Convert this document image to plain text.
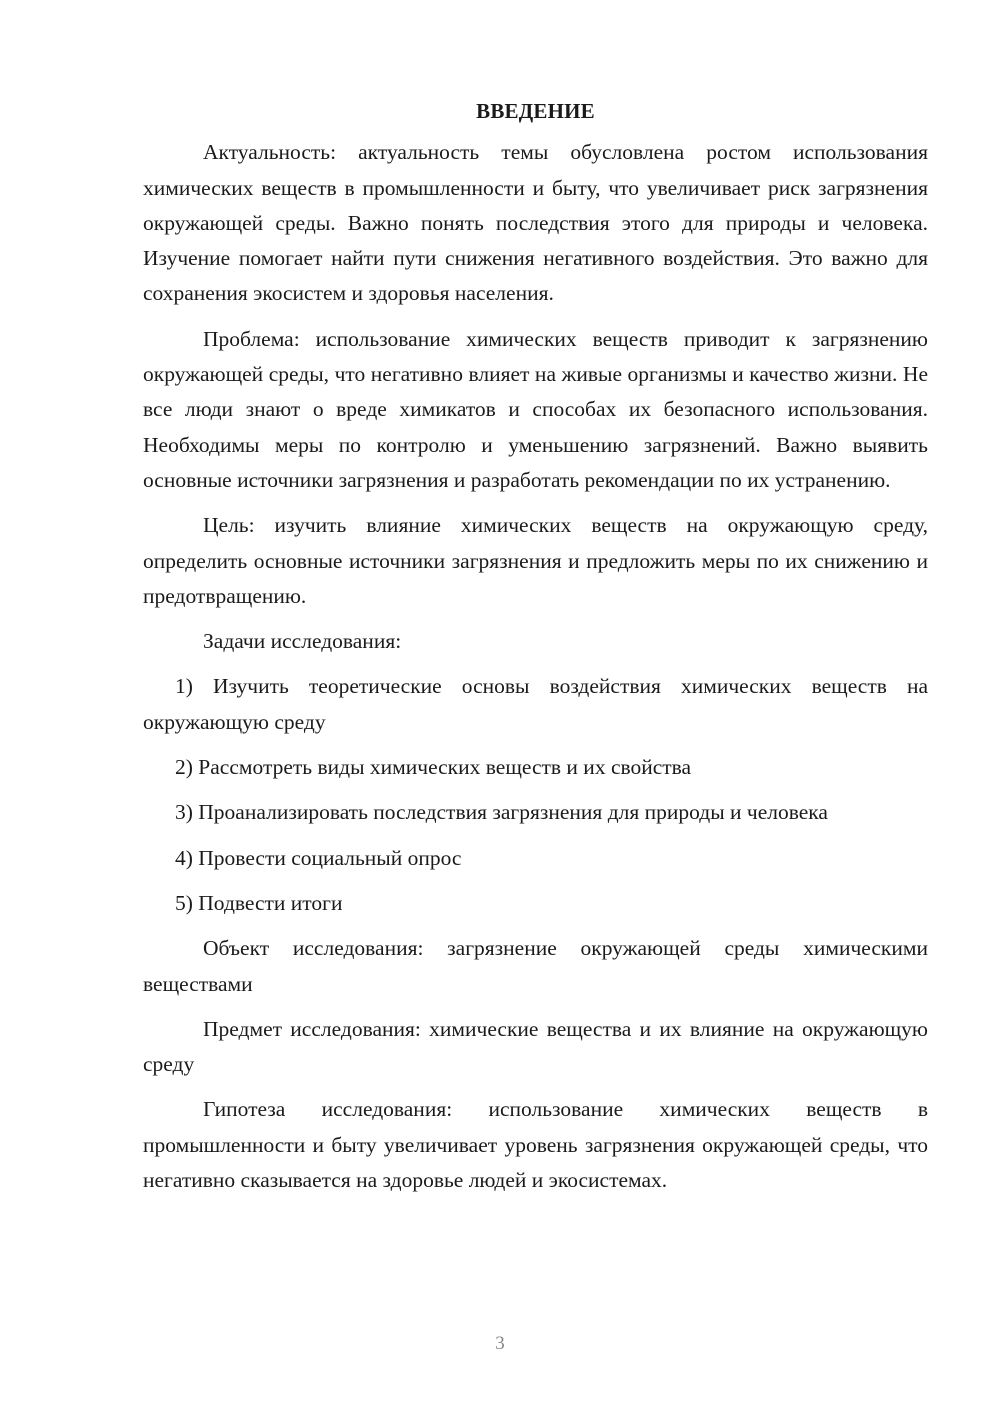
ВВЕДЕНИЕ

Актуальность: актуальность темы обусловлена ростом использования химических веществ в промышленности и быту, что увеличивает риск загрязнения окружающей среды. Важно понять последствия этого для природы и человека. Изучение помогает найти пути снижения негативного воздействия. Это важно для сохранения экосистем и здоровья населения.

Проблема: использование химических веществ приводит к загрязнению окружающей среды, что негативно влияет на живые организмы и качество жизни. Не все люди знают о вреде химикатов и способах их безопасного использования. Необходимы меры по контролю и уменьшению загрязнений. Важно выявить основные источники загрязнения и разработать рекомендации по их устранению.

Цель: изучить влияние химических веществ на окружающую среду, определить основные источники загрязнения и предложить меры по их снижению и предотвращению.

Задачи исследования:

1) Изучить теоретические основы воздействия химических веществ на окружающую среду

2) Рассмотреть виды химических веществ и их свойства

3) Проанализировать последствия загрязнения для природы и человека

4) Провести социальный опрос

5) Подвести итоги

Объект исследования: загрязнение окружающей среды химическими веществами

Предмет исследования: химические вещества и их влияние на окружающую среду

Гипотеза исследования: использование химических веществ в промышленности и быту увеличивает уровень загрязнения окружающей среды, что негативно сказывается на здоровье людей и экосистемах.

3
